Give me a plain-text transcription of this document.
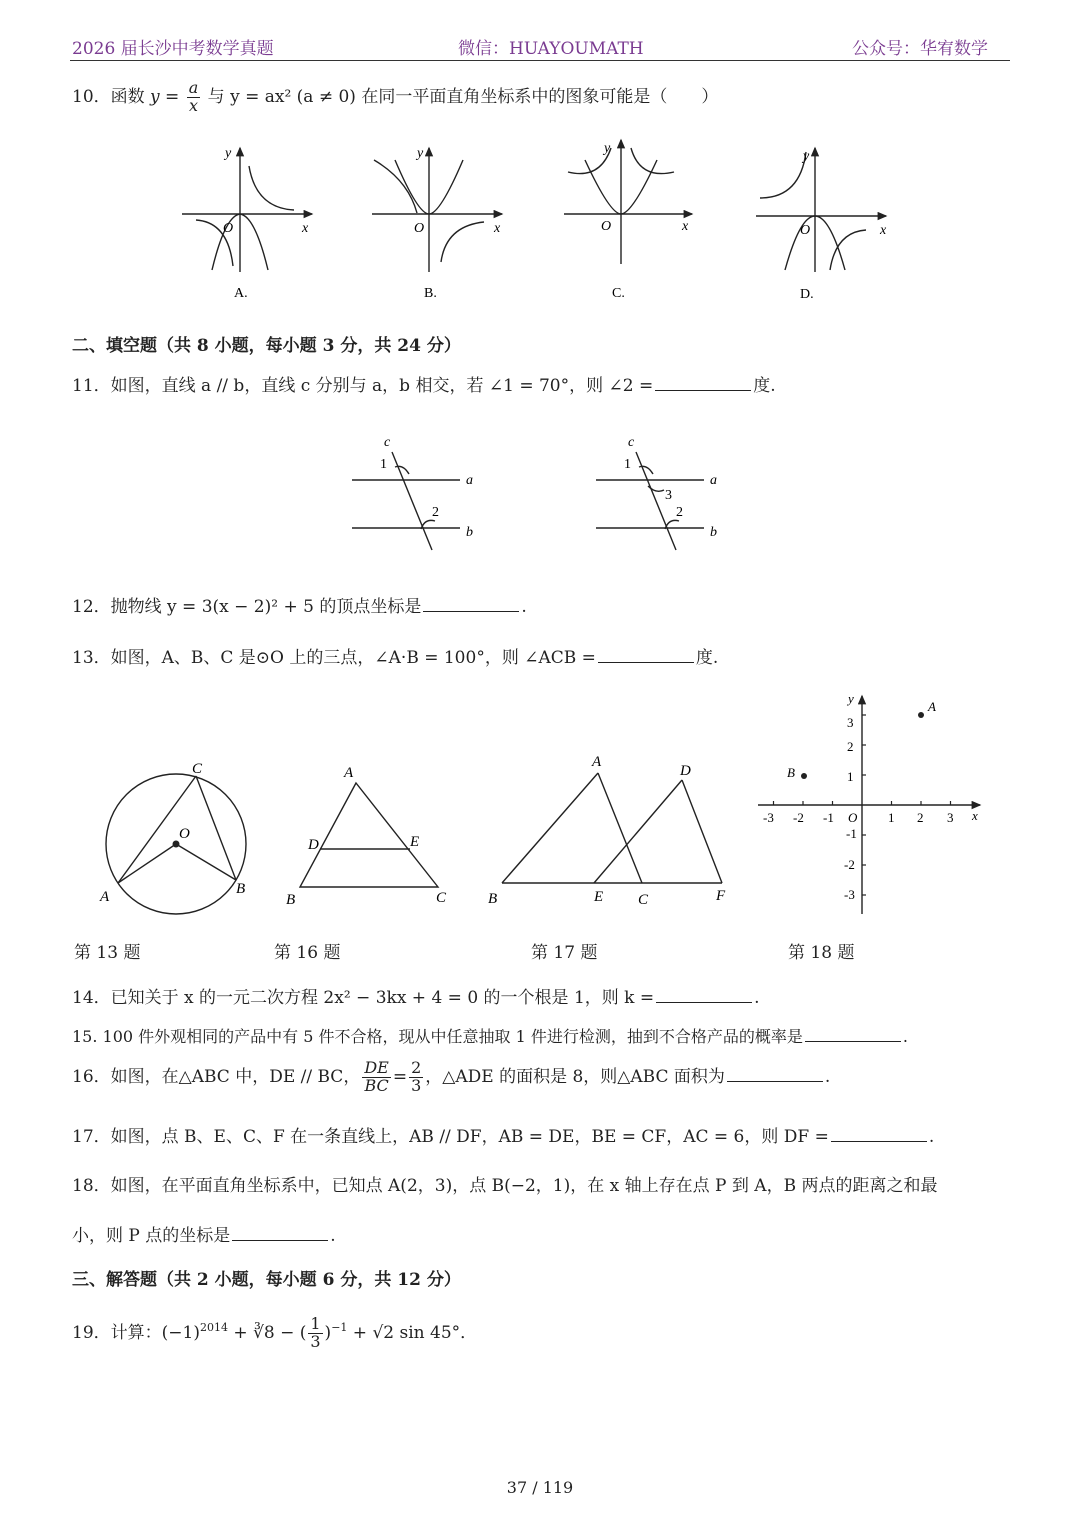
2026 届长沙中考数学真题	微信：HUAYOUMATH	公众号：华宥数学
10．函数 $y = \frac{a}{x}$ 与 y = ax² (a ≠ 0) 在同一平面直角坐标系中的图象可能是（　　）
y
x
O
y
x
O
y
x
O
y
x
O
A.	B.	C.	D.
c
1
a
2
b
c
1
a
3
2
b
C
O
A	B
A
D	E
B	C
A
D
B	E C	F
-3 -2 -1	1 2 3
3
2
1
-1
-2
-3
O	x
y
A
B
二、填空题（共 8 小题，每小题 3 分，共 24 分）
11．如图，直线 a // b，直线 c 分别与 a，b 相交，若 ∠1 = 70°，则 ∠2 =	度.
12．抛物线 y = 3(x − 2)² + 5 的顶点坐标是	.
13．如图，A、B、C 是⊙O 上的三点，∠A·B = 100°，则 ∠ACB =	度.
第 13 题	第 16 题	第 17 题	第 18 题
14．已知关于 x 的一元二次方程 2x² − 3kx + 4 = 0 的一个根是 1，则 k =	.
15. 100 件外观相同的产品中有 5 件不合格，现从中任意抽取 1 件进行检测，抽到不合格产品的概率是	.
16．如图，在△ABC 中，DE // BC， $\frac{DE}{BC} = \frac{2}{3}$ ，△ADE 的面积是 8，则△ABC 面积为	.
17．如图，点 B、E、C、F 在一条直线上，AB // DF，AB = DE，BE = CF，AC = 6，则 DF =	.
18．如图，在平面直角坐标系中，已知点 A(2，3)，点 B(−2，1)，在 x 轴上存在点 P 到 A，B 两点的距离之和最
小，则 P 点的坐标是	.
三、解答题（共 2 小题，每小题 6 分，共 12 分）
19．计算：$(-1)^{2014}$ + ∛8 − ( $\frac{1}{3} )^{-1} + √2$ sin 45°．
37 / 119
